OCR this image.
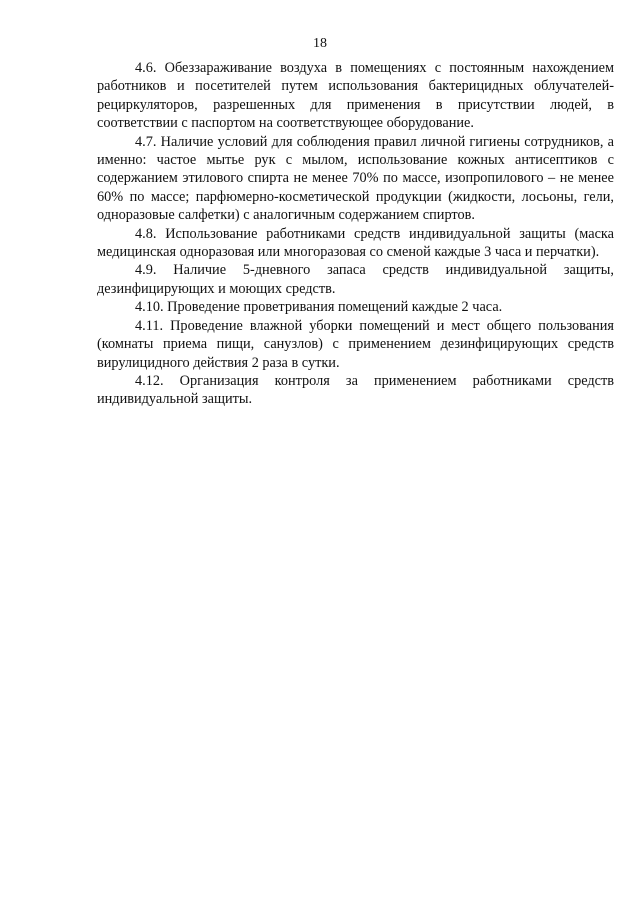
18

4.6. Обеззараживание воздуха в помещениях с постоянным нахождением работников и посетителей путем использования бактерицидных облучателей-рециркуляторов, разрешенных для применения в присутствии людей, в соответствии с паспортом на соответствующее оборудование.

4.7. Наличие условий для соблюдения правил личной гигиены сотрудников, а именно: частое мытье рук с мылом, использование кожных антисептиков с содержанием этилового спирта не менее 70% по массе, изопропилового – не менее 60% по массе; парфюмерно-косметической продукции (жидкости, лосьоны, гели, одноразовые салфетки) с аналогичным содержанием спиртов.

4.8. Использование работниками средств индивидуальной защиты (маска медицинская одноразовая или многоразовая со сменой каждые 3 часа и перчатки).

4.9. Наличие 5-дневного запаса средств индивидуальной защиты, дезинфицирующих и моющих средств.

4.10. Проведение проветривания помещений каждые 2 часа.

4.11. Проведение влажной уборки помещений и мест общего пользования (комнаты приема пищи, санузлов) с применением дезинфицирующих средств вирулицидного действия 2 раза в сутки.

4.12. Организация контроля за применением работниками средств индивидуальной защиты.
